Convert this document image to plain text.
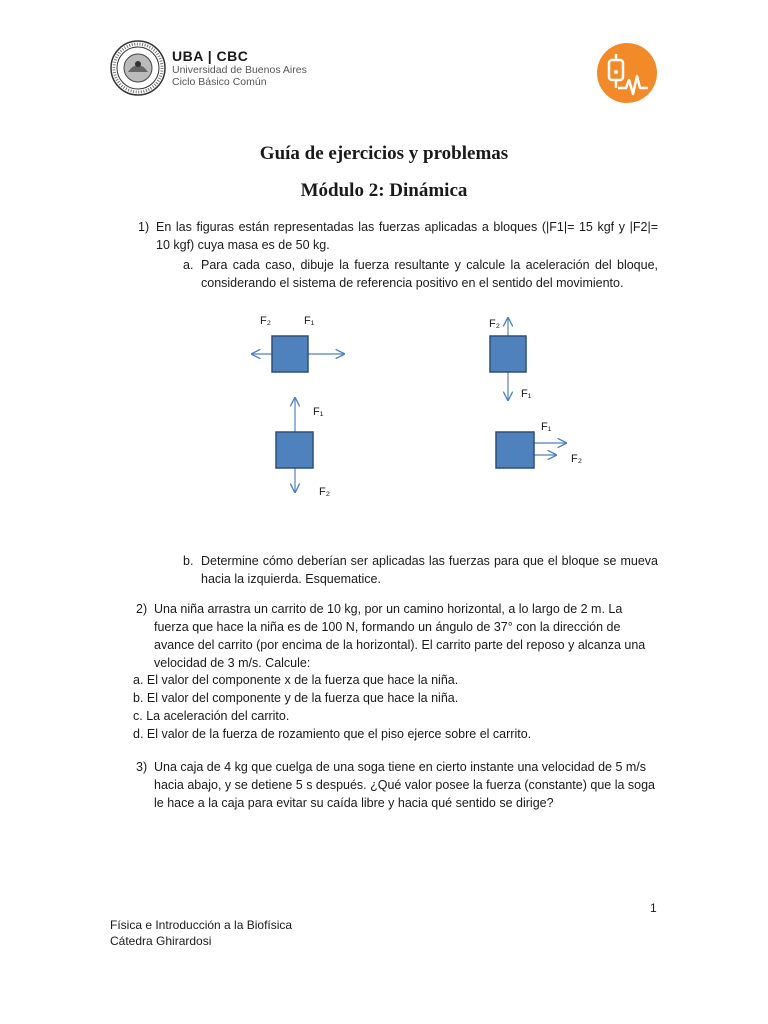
UBA | CBC
Universidad de Buenos Aires
Ciclo Básico Común
Guía de ejercicios y problemas
Módulo 2: Dinámica
1) En las figuras están representadas las fuerzas aplicadas a bloques (|F1|= 15 kgf y |F2|= 10 kgf) cuya masa es de 50 kg.
a. Para cada caso, dibuje la fuerza resultante y calcule la aceleración del bloque, considerando el sistema de referencia positivo en el sentido del movimiento.
F₂	F₁	F₂
F₁
F₁
F₂
F₁
F₂
b. Determine cómo deberían ser aplicadas las fuerzas para que el bloque se mueva hacia la izquierda. Esquematice.
2) Una niña arrastra un carrito de 10 kg, por un camino horizontal, a lo largo de 2 m. La fuerza que hace la niña es de 100 N, formando un ángulo de 37° con la dirección de avance del carrito (por encima de la horizontal). El carrito parte del reposo y alcanza una velocidad de 3 m/s. Calcule:
a. El valor del componente x de la fuerza que hace la niña.
b. El valor del componente y de la fuerza que hace la niña.
c. La aceleración del carrito.
d. El valor de la fuerza de rozamiento que el piso ejerce sobre el carrito.
3) Una caja de 4 kg que cuelga de una soga tiene en cierto instante una velocidad de 5 m/s hacia abajo, y se detiene 5 s después. ¿Qué valor posee la fuerza (constante) que la soga le hace a la caja para evitar su caída libre y hacia qué sentido se dirige?
1
Física e Introducción a la Biofísica
Cátedra Ghirardosi
